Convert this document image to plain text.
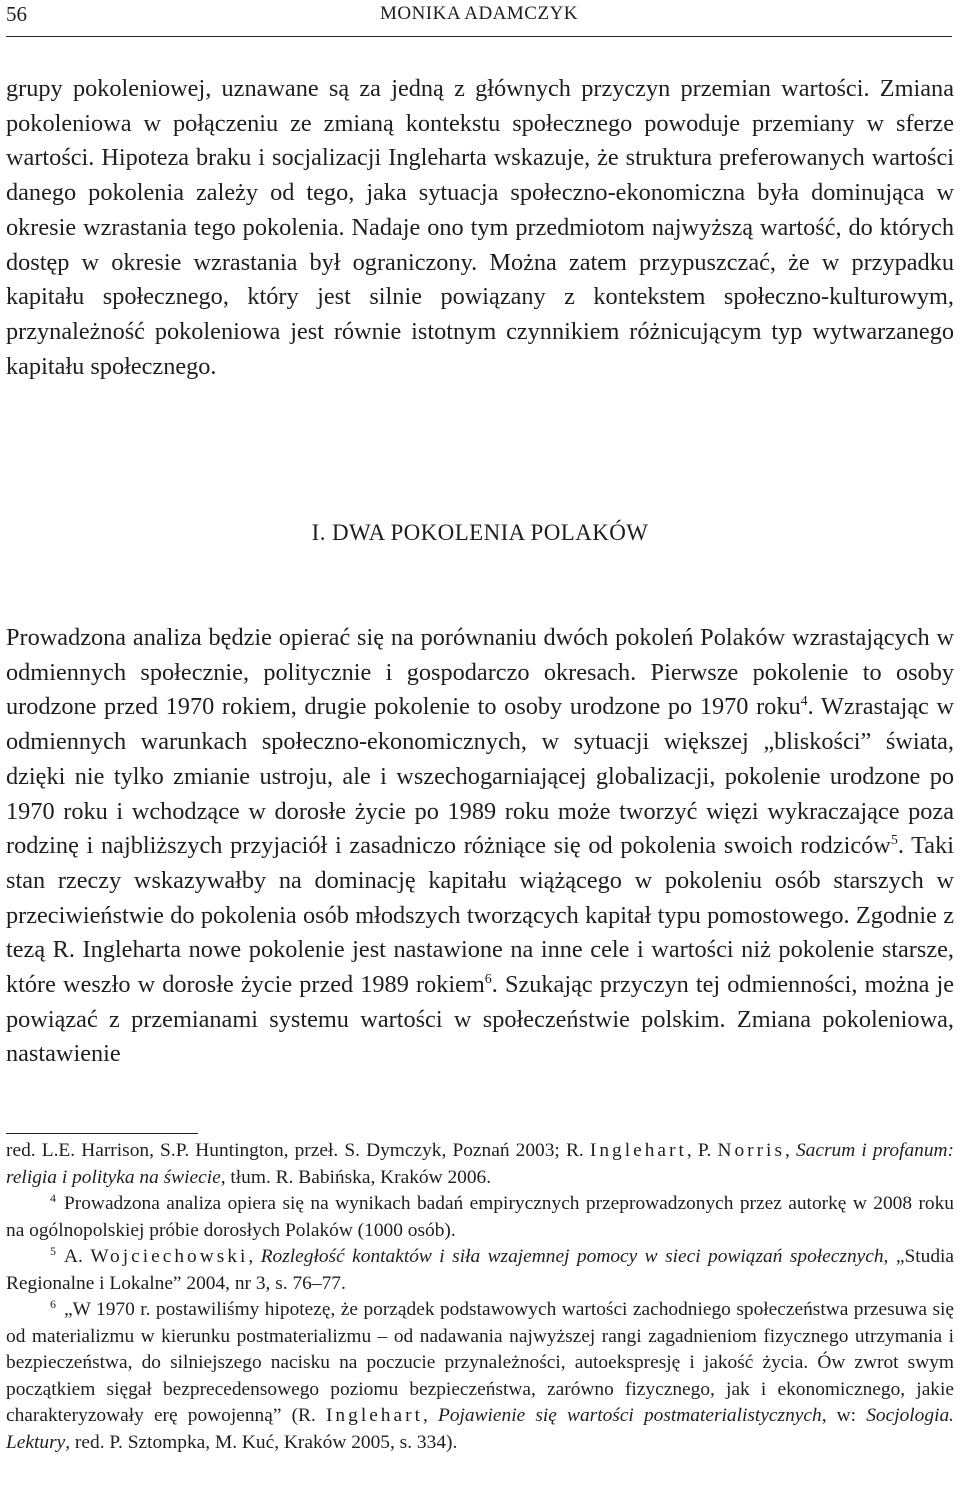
56	MONIKA ADAMCZYK

grupy pokoleniowej, uznawane są za jedną z głównych przyczyn przemian wartości. Zmiana pokoleniowa w połączeniu ze zmianą kontekstu społecznego powoduje przemiany w sferze wartości. Hipoteza braku i socjalizacji Ingleharta wskazuje, że struktura preferowanych wartości danego pokolenia zależy od tego, jaka sytuacja społeczno-ekonomiczna była dominująca w okresie wzrastania tego pokolenia. Nadaje ono tym przedmiotom najwyższą wartość, do których dostęp w okresie wzrastania był ograniczony. Można zatem przypuszczać, że w przypadku kapitału społecznego, który jest silnie powiązany z kontekstem społeczno-kulturowym, przynależność pokoleniowa jest równie istotnym czynnikiem różnicującym typ wytwarzanego kapitału społecznego.

I. DWA POKOLENIA POLAKÓW

Prowadzona analiza będzie opierać się na porównaniu dwóch pokoleń Polaków wzrastających w odmiennych społecznie, politycznie i gospodarczo okresach. Pierwsze pokolenie to osoby urodzone przed 1970 rokiem, drugie pokolenie to osoby urodzone po 1970 roku$^4$. Wzrastając w odmiennych warunkach społeczno-ekonomicznych, w sytuacji większej „bliskości” świata, dzięki nie tylko zmianie ustroju, ale i wszechogarniającej globalizacji, pokolenie urodzone po 1970 roku i wchodzące w dorosłe życie po 1989 roku może tworzyć więzi wykraczające poza rodzinę i najbliższych przyjaciół i zasadniczo różniące się od pokolenia swoich rodziców$^5$. Taki stan rzeczy wskazywałby na dominację kapitału wiążącego w pokoleniu osób starszych w przeciwieństwie do pokolenia osób młodszych tworzących kapitał typu pomostowego. Zgodnie z tezą R. Ingleharta nowe pokolenie jest nastawione na inne cele i wartości niż pokolenie starsze, które weszło w dorosłe życie przed 1989 rokiem$^6$. Szukając przyczyn tej odmienności, można je powiązać z przemianami systemu wartości w społeczeństwie polskim. Zmiana pokoleniowa, nastawienie

red. L.E. Harrison, S.P. Huntington, przeł. S. Dymczyk, Poznań 2003; R. Inglehart, P. Norris, Sacrum i profanum: religia i polityka na świecie, tłum. R. Babińska, Kraków 2006.

$^4$ Prowadzona analiza opiera się na wynikach badań empirycznych przeprowadzonych przez autorkę w 2008 roku na ogólnopolskiej próbie dorosłych Polaków (1000 osób).

$^5$ A. Wojciechowski, Rozległość kontaktów i siła wzajemnej pomocy w sieci powiązań społecznych, „Studia Regionalne i Lokalne” 2004, nr 3, s. 76–77.

$^6$ „W 1970 r. postawiliśmy hipotezę, że porządek podstawowych wartości zachodniego społeczeństwa przesuwa się od materializmu w kierunku postmaterializmu – od nadawania najwyższej rangi zagadnieniom fizycznego utrzymania i bezpieczeństwa, do silniejszego nacisku na poczucie przynależności, autoekspresję i jakość życia. Ów zwrot swym początkiem sięgał bezprecedensowego poziomu bezpieczeństwa, zarówno fizycznego, jak i ekonomicznego, jakie charakteryzowały erę powojenną” (R. Inglehart, Pojawienie się wartości postmaterialistycznych, w: Socjologia. Lektury, red. P. Sztompka, M. Kuć, Kraków 2005, s. 334).
